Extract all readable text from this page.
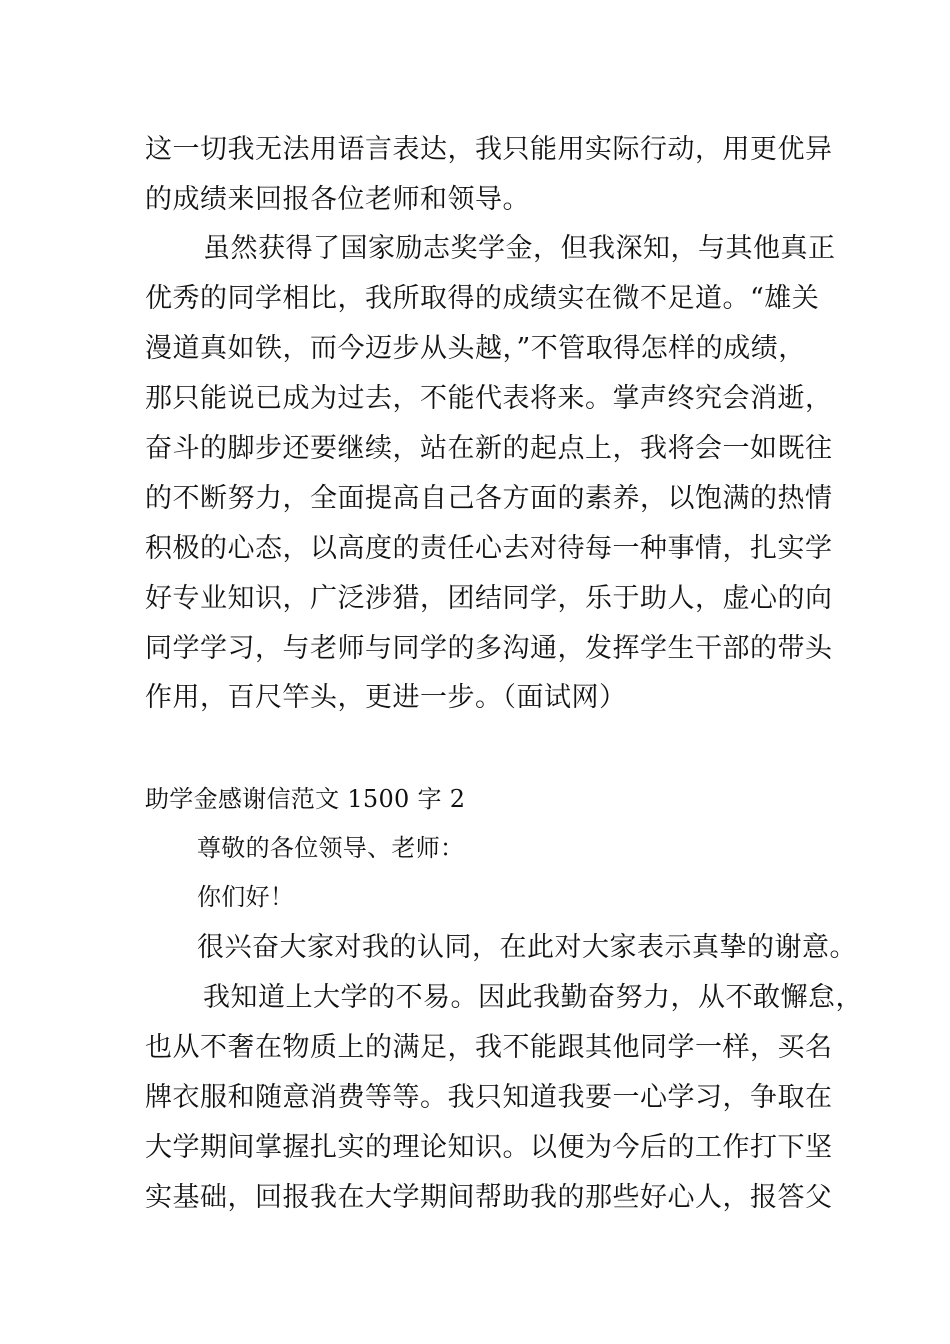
这一切我无法用语言表达，我只能用实际行动，用更优异
的成绩来回报各位老师和领导。
虽然获得了国家励志奖学金，但我深知，与其他真正
优秀的同学相比，我所取得的成绩实在微不足道。“雄关
漫道真如铁，而今迈步从头越，”不管取得怎样的成绩，
那只能说已成为过去，不能代表将来。掌声终究会消逝，
奋斗的脚步还要继续，站在新的起点上，我将会一如既往
的不断努力，全面提高自己各方面的素养，以饱满的热情
积极的心态，以高度的责任心去对待每一种事情，扎实学
好专业知识，广泛涉猎，团结同学，乐于助人，虚心的向
同学学习，与老师与同学的多沟通，发挥学生干部的带头
作用，百尺竿头，更进一步。（面试网）
助学金感谢信范文 1500 字 2
尊敬的各位领导、老师：
你们好！
很兴奋大家对我的认同，在此对大家表示真挚的谢意。
我知道上大学的不易。因此我勤奋努力，从不敢懈怠，
也从不奢在物质上的满足，我不能跟其他同学一样，买名
牌衣服和随意消费等等。我只知道我要一心学习，争取在
大学期间掌握扎实的理论知识。以便为今后的工作打下坚
实基础，回报我在大学期间帮助我的那些好心人，报答父
